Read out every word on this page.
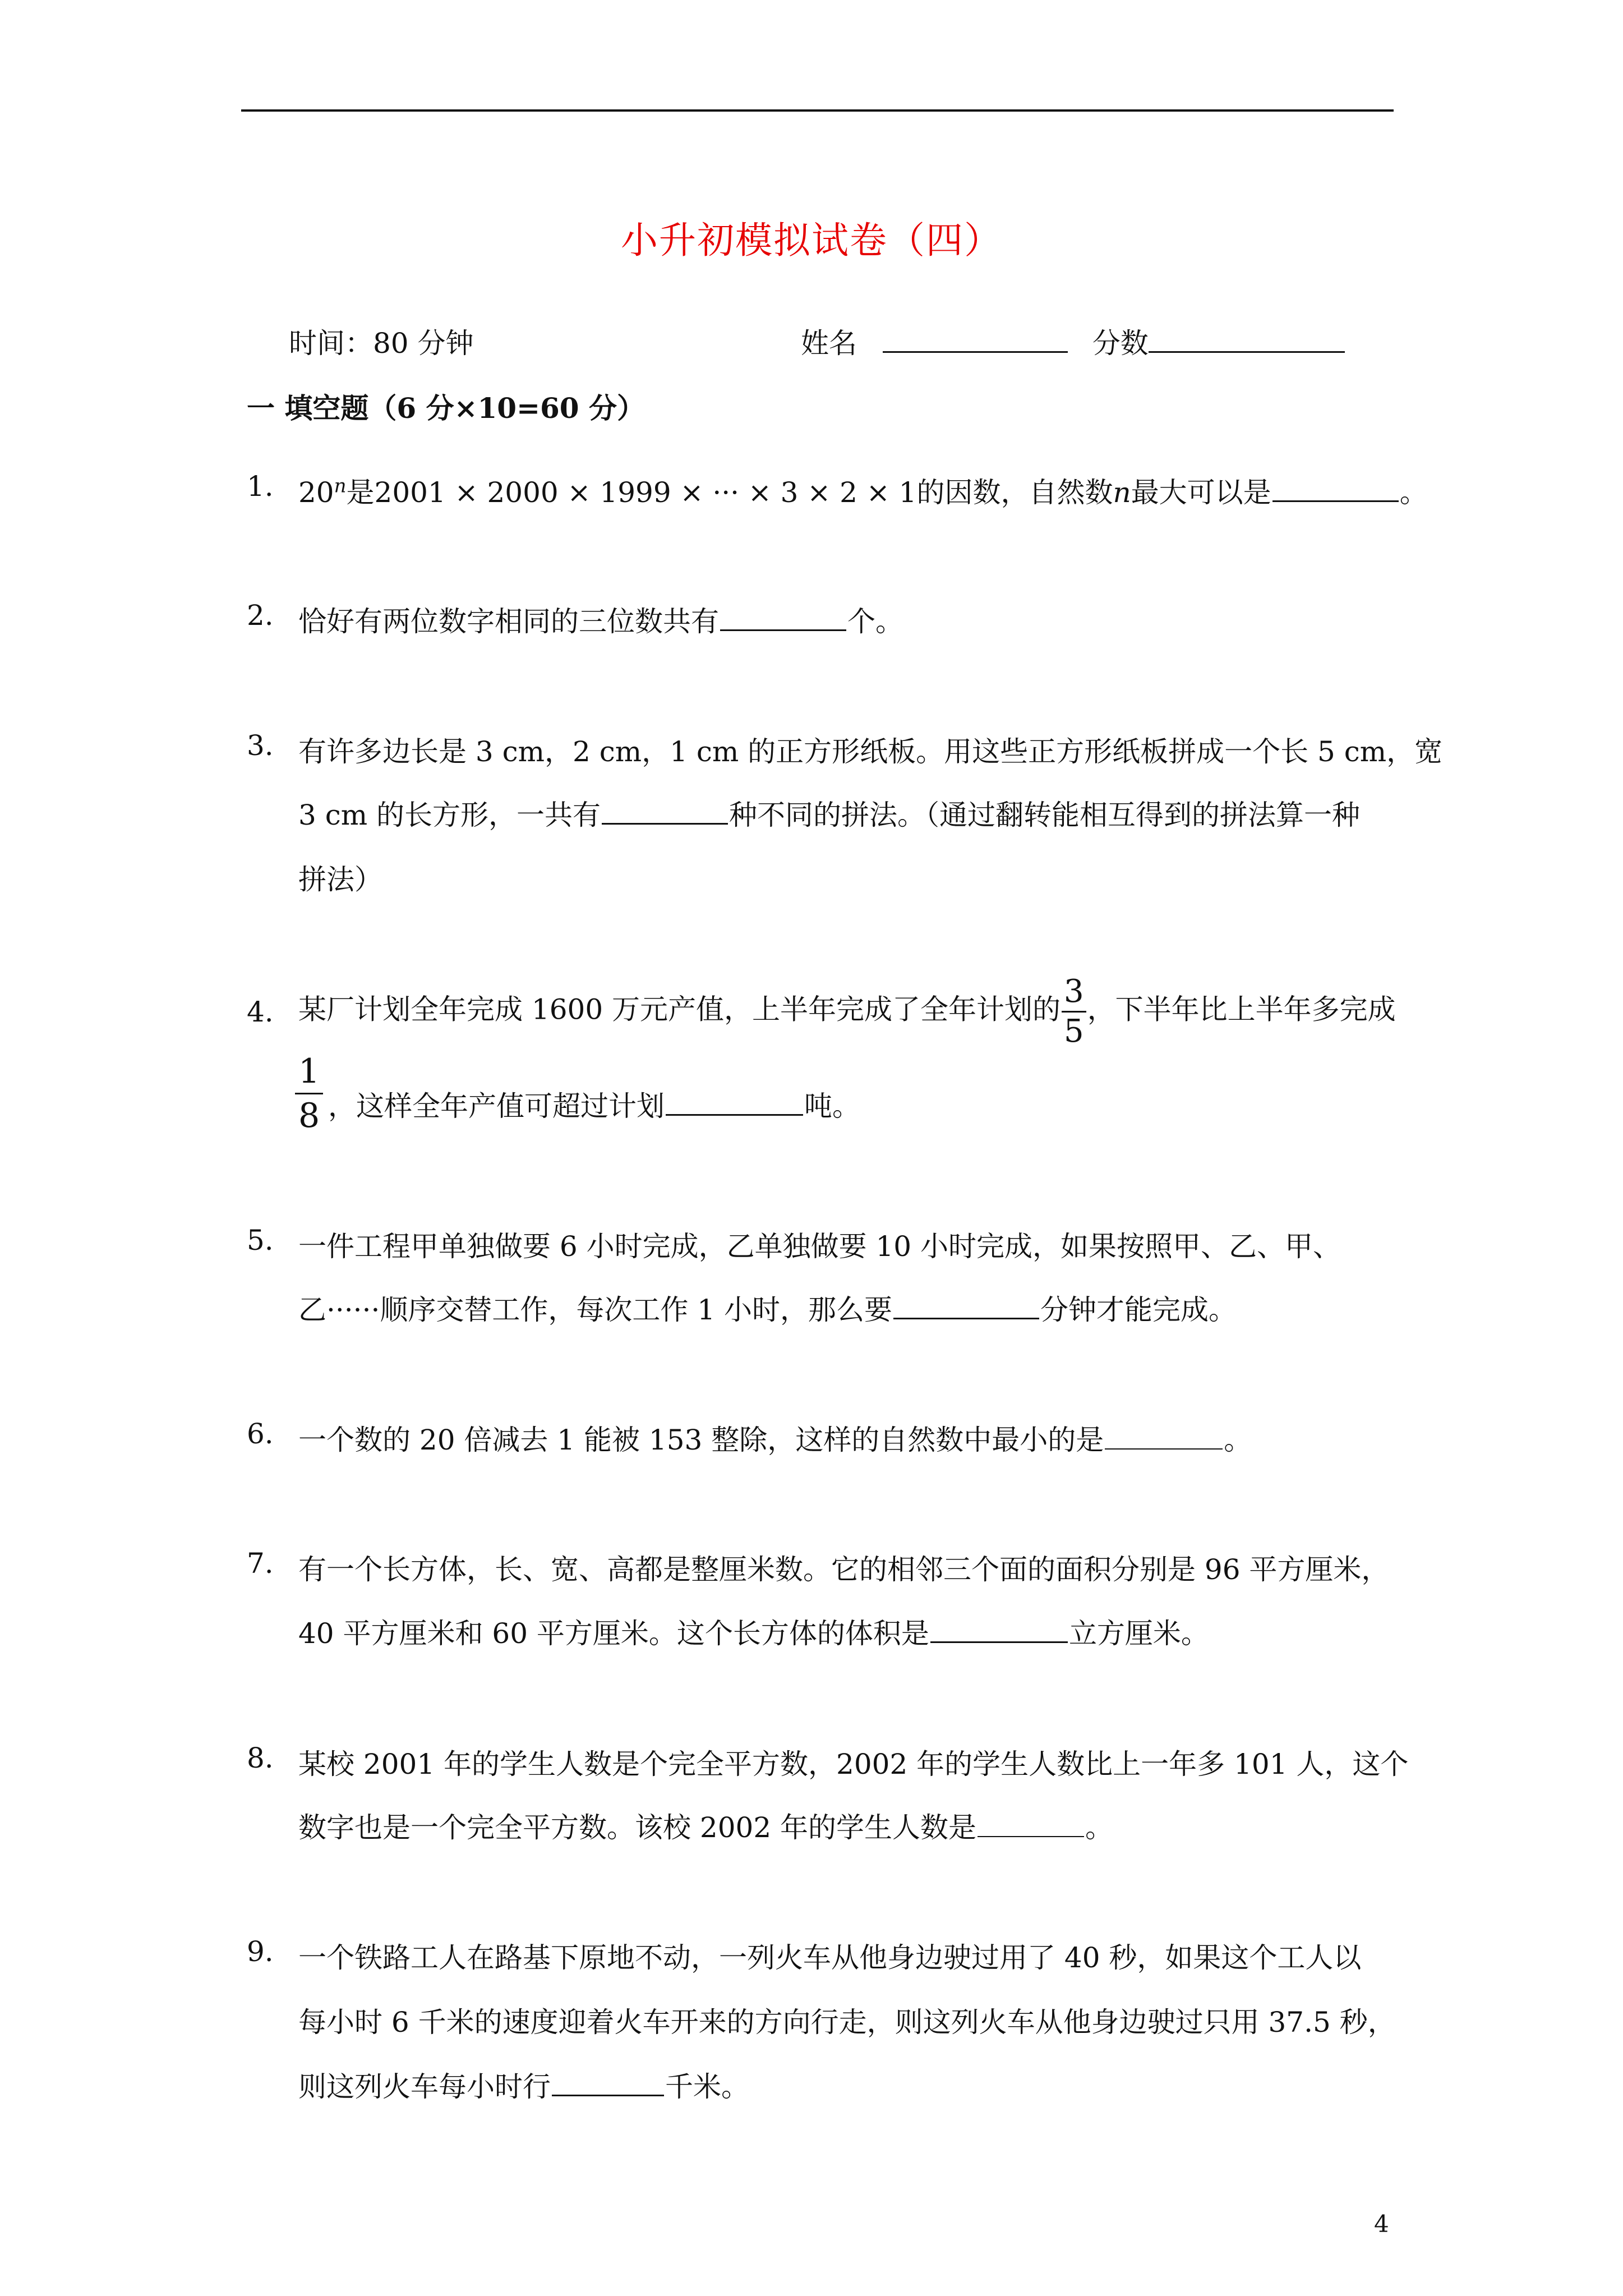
小升初模拟试卷（四）
时间：80 分钟	姓名	分数
一 填空题（6 分×10=60 分）
1. 20$^n$是2001 × 2000 × 1999 × ··· × 3 × 2 × 1的因数，自然数n最大可以是	。
2. 恰好有两位数字相同的三位数共有	个。
3. 有许多边长是 3 cm，2 cm，1 cm 的正方形纸板。用这些正方形纸板拼成一个长 5 cm，宽
3 cm 的长方形，一共有	种不同的拼法。（通过翻转能相互得到的拼法算一种
拼法）
4. 某厂计划全年完成 1600 万元产值，上半年完成了全年计划的 $\frac{3}{5}$ ，下半年比上半年多完成
$\frac{1}{8}$ ，这样全年产值可超过计划	吨。
5. 一件工程甲单独做要 6 小时完成，乙单独做要 10 小时完成，如果按照甲、乙、甲、
乙······顺序交替工作，每次工作 1 小时，那么要	分钟才能完成。
6. 一个数的 20 倍减去 1 能被 153 整除，这样的自然数中最小的是	。
7. 有一个长方体，长、宽、高都是整厘米数。它的相邻三个面的面积分别是 96 平方厘米，
40 平方厘米和 60 平方厘米。这个长方体的体积是	立方厘米。
8. 某校 2001 年的学生人数是个完全平方数，2002 年的学生人数比上一年多 101 人，这个
数字也是一个完全平方数。该校 2002 年的学生人数是	。
9. 一个铁路工人在路基下原地不动，一列火车从他身边驶过用了 40 秒，如果这个工人以
每小时 6 千米的速度迎着火车开来的方向行走，则这列火车从他身边驶过只用 37.5 秒，
则这列火车每小时行	千米。
4
